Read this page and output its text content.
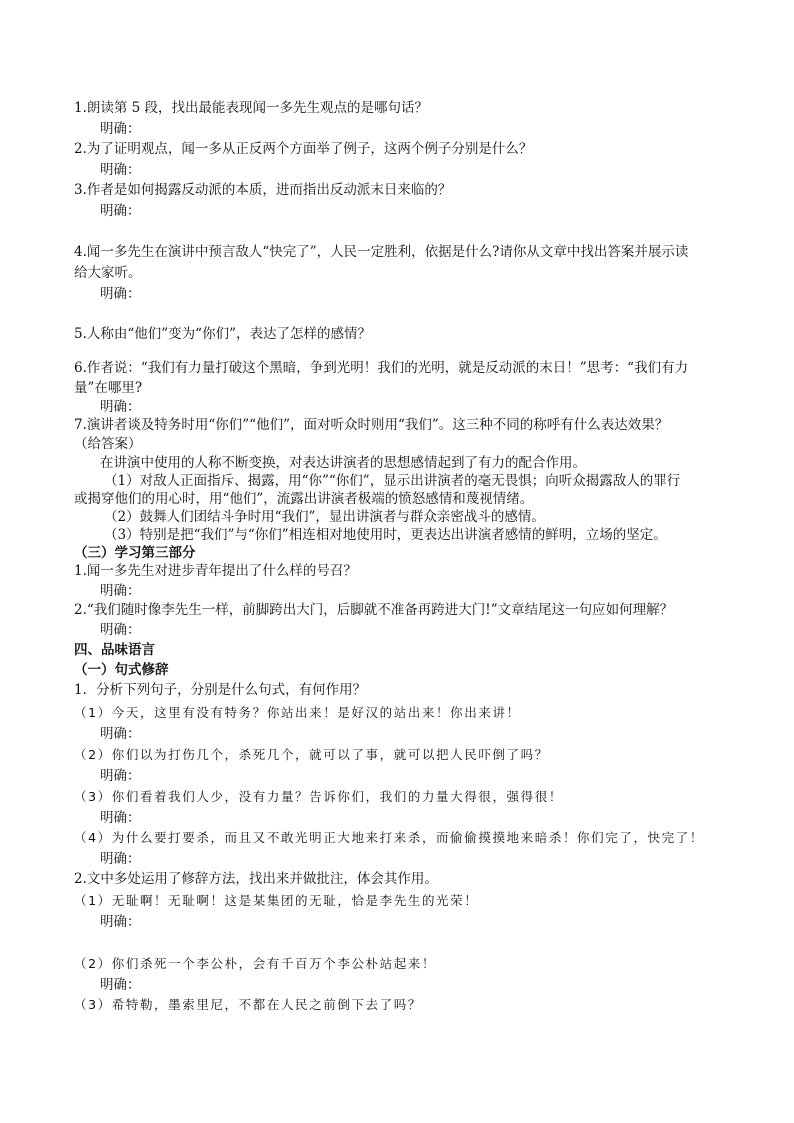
1.朗读第 5 段，找出最能表现闻一多先生观点的是哪句话？
明确：
2.为了证明观点，闻一多从正反两个方面举了例子，这两个例子分别是什么？
明确：
3.作者是如何揭露反动派的本质，进而指出反动派末日来临的？
明确：
4.闻一多先生在演讲中预言敌人“快完了”，人民一定胜利，依据是什么?请你从文章中找出答案并展示读
给大家听。
明确：
5.人称由“他们”变为“你们”，表达了怎样的感情？
6.作者说：“我们有力量打破这个黑暗，争到光明！我们的光明，就是反动派的末日！”思考：“我们有力
量”在哪里?
明确：
7.演讲者谈及特务时用“你们”“他们”，面对听众时则用“我们”。这三种不同的称呼有什么表达效果？
（给答案）
在讲演中使用的人称不断变换，对表达讲演者的思想感情起到了有力的配合作用。
（1）对敌人正面指斥、揭露，用“你”“你们”，显示出讲演者的毫无畏惧；向听众揭露敌人的罪行
或揭穿他们的用心时，用“他们”，流露出讲演者极端的愤怒感情和蔑视情绪。
（2）鼓舞人们团结斗争时用“我们”，显出讲演者与群众亲密战斗的感情。
（3）特别是把“我们”与“你们”相连相对地使用时，更表达出讲演者感情的鲜明，立场的坚定。
（三）学习第三部分
1.闻一多先生对进步青年提出了什么样的号召？
明确：
2.“我们随时像李先生一样，前脚跨出大门，后脚就不准备再跨进大门!”文章结尾这一句应如何理解？
明确：
四、品味语言
（一）句式修辞
1．分析下列句子，分别是什么句式，有何作用？
（1）今天，这里有没有特务？你站出来！是好汉的站出来！你出来讲！
明确：
（2）你们以为打伤几个，杀死几个，就可以了事，就可以把人民吓倒了吗？
明确：
（3）你们看着我们人少，没有力量？告诉你们，我们的力量大得很，强得很！
明确：
（4）为什么要打要杀，而且又不敢光明正大地来打来杀，而偷偷摸摸地来暗杀！你们完了，快完了！
明确：
2.文中多处运用了修辞方法，找出来并做批注，体会其作用。
（1）无耻啊！无耻啊！这是某集团的无耻，恰是李先生的光荣！
明确：
（2）你们杀死一个李公朴，会有千百万个李公朴站起来！
明确：
（3）希特勒，墨索里尼，不都在人民之前倒下去了吗？
